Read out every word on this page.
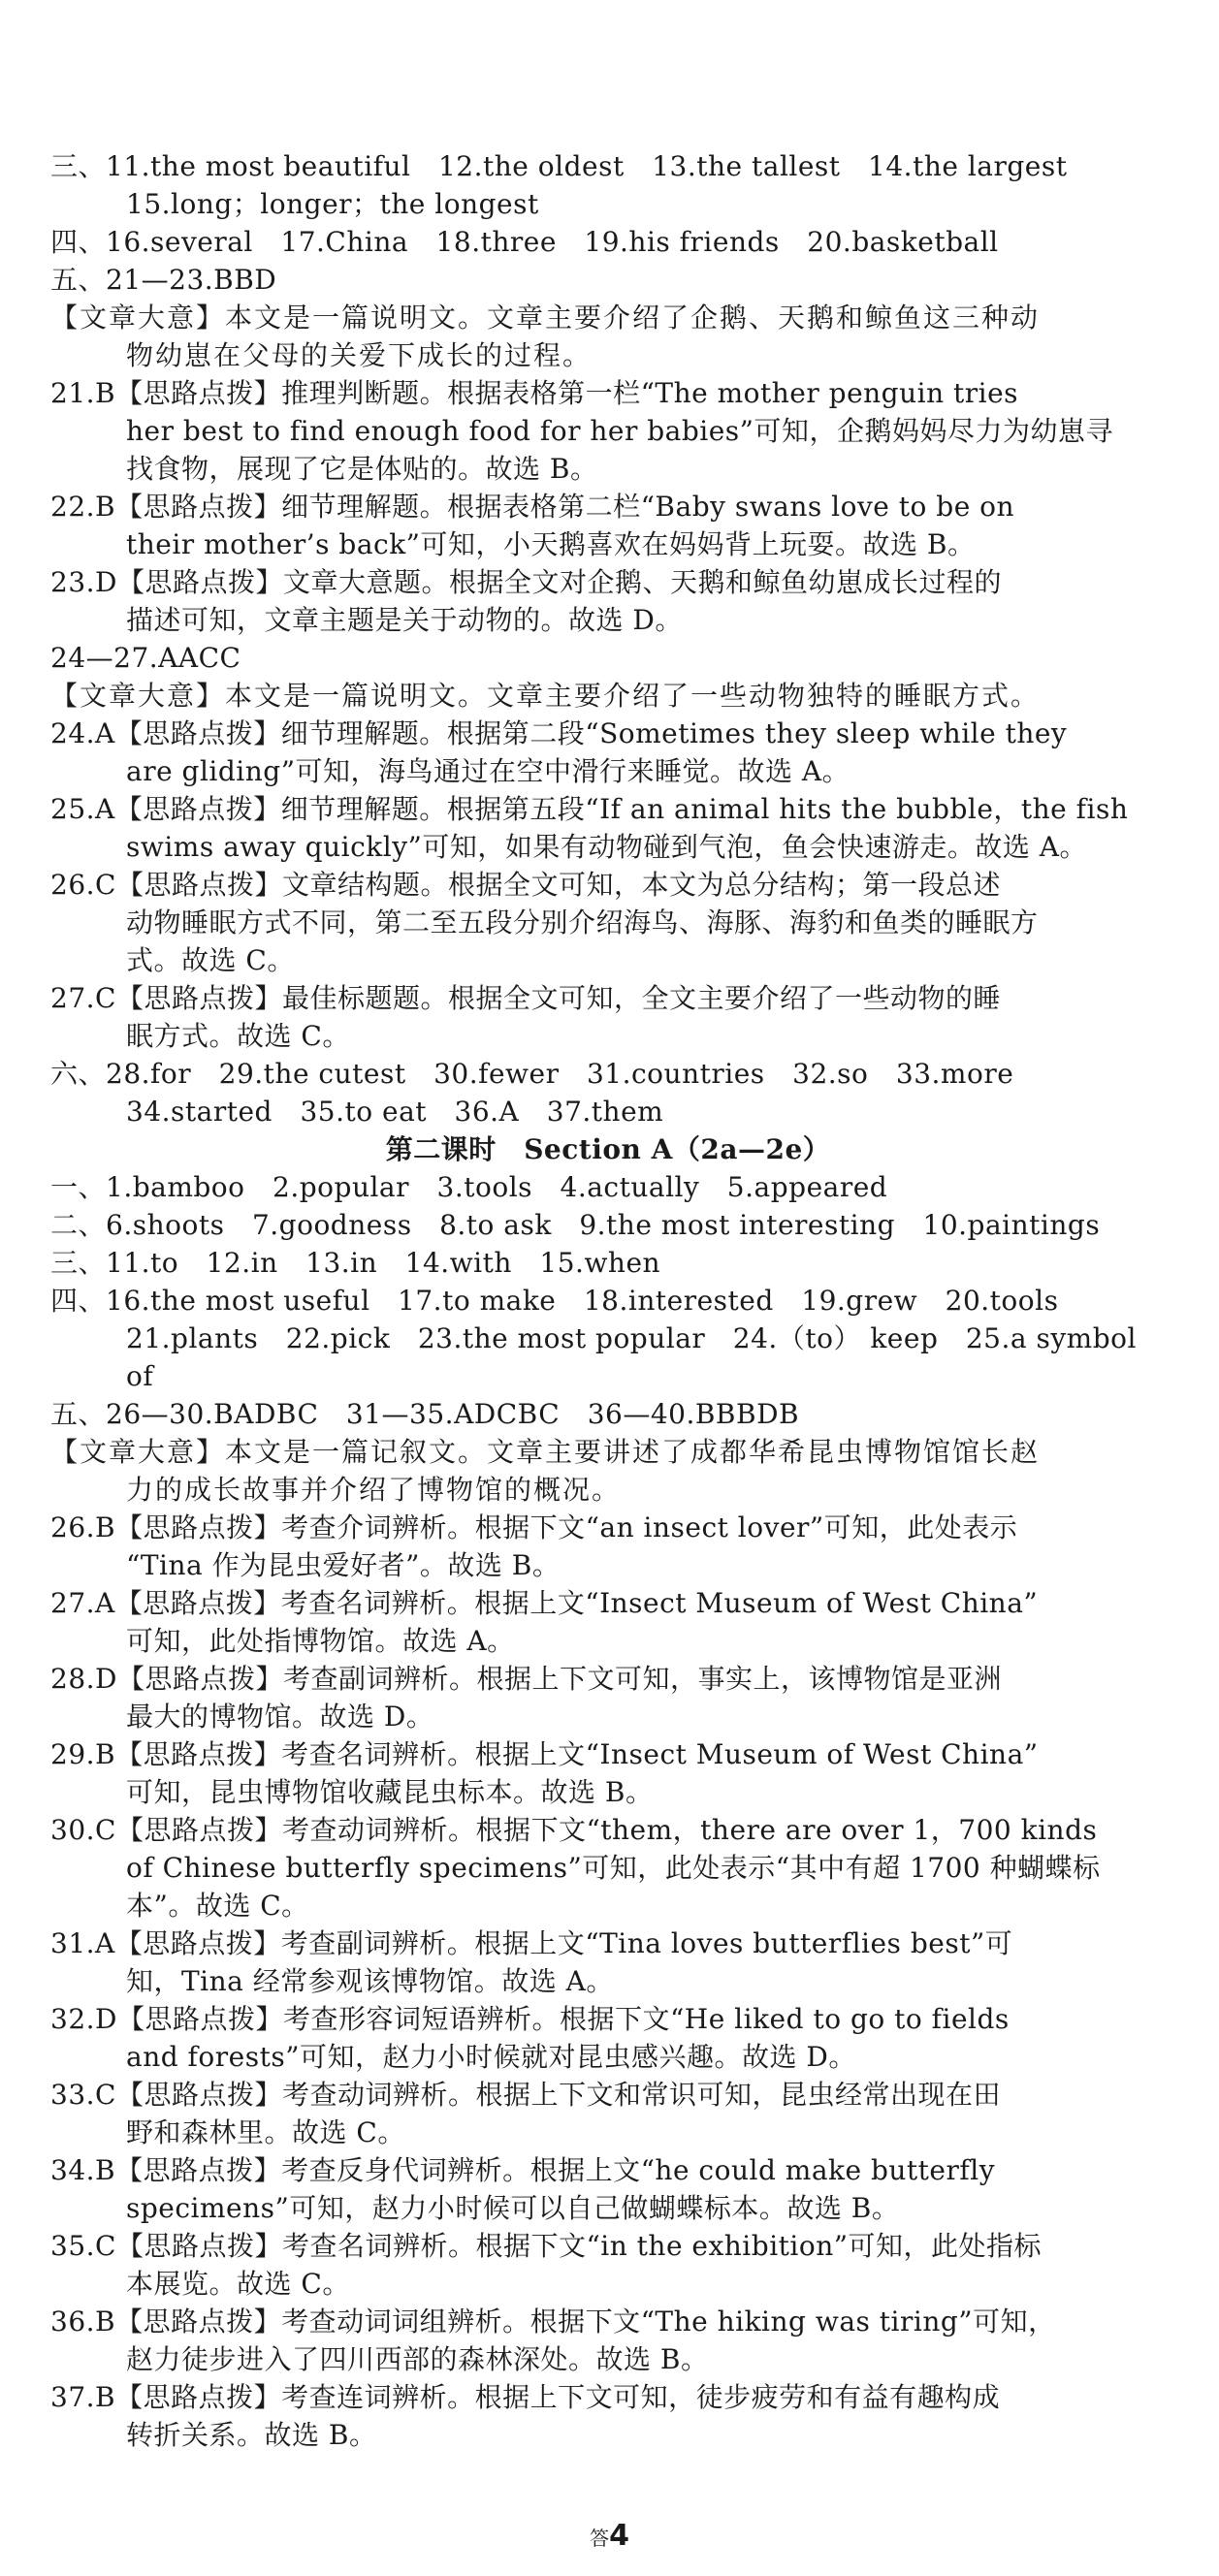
三、11.the most beautiful　12.the oldest　13.the tallest　14.the largest
15.long；longer；the longest
四、16.several　17.China　18.three　19.his friends　20.basketball
五、21—23.BBD
【文章大意】本文是一篇说明文。文章主要介绍了企鹅、天鹅和鲸鱼这三种动
物幼崽在父母的关爱下成长的过程。
21.B【思路点拨】推理判断题。根据表格第一栏“The mother penguin tries
her best to find enough food for her babies”可知，企鹅妈妈尽力为幼崽寻
找食物，展现了它是体贴的。故选 B。
22.B【思路点拨】细节理解题。根据表格第二栏“Baby swans love to be on
their mother’s back”可知，小天鹅喜欢在妈妈背上玩耍。故选 B。
23.D【思路点拨】文章大意题。根据全文对企鹅、天鹅和鲸鱼幼崽成长过程的
描述可知，文章主题是关于动物的。故选 D。
24—27.AACC
【文章大意】本文是一篇说明文。文章主要介绍了一些动物独特的睡眠方式。
24.A【思路点拨】细节理解题。根据第二段“Sometimes they sleep while they
are gliding”可知，海鸟通过在空中滑行来睡觉。故选 A。
25.A【思路点拨】细节理解题。根据第五段“If an animal hits the bubble，the fish
swims away quickly”可知，如果有动物碰到气泡，鱼会快速游走。故选 A。
26.C【思路点拨】文章结构题。根据全文可知，本文为总分结构；第一段总述
动物睡眠方式不同，第二至五段分别介绍海鸟、海豚、海豹和鱼类的睡眠方
式。故选 C。
27.C【思路点拨】最佳标题题。根据全文可知，全文主要介绍了一些动物的睡
眠方式。故选 C。
六、28.for　29.the cutest　30.fewer　31.countries　32.so　33.more
34.started　35.to eat　36.A　37.them
第二课时　Section A（2a—2e）
一、1.bamboo　2.popular　3.tools　4.actually　5.appeared
二、6.shoots　7.goodness　8.to ask　9.the most interesting　10.paintings
三、11.to　12.in　13.in　14.with　15.when
四、16.the most useful　17.to make　18.interested　19.grew　20.tools
21.plants　22.pick　23.the most popular　24.（to） keep　25.a symbol of
五、26—30.BADBC　31—35.ADCBC　36—40.BBBDB
【文章大意】本文是一篇记叙文。文章主要讲述了成都华希昆虫博物馆馆长赵
力的成长故事并介绍了博物馆的概况。
26.B【思路点拨】考查介词辨析。根据下文“an insect lover”可知，此处表示
“Tina 作为昆虫爱好者”。故选 B。
27.A【思路点拨】考查名词辨析。根据上文“Insect Museum of West China”
可知，此处指博物馆。故选 A。
28.D【思路点拨】考查副词辨析。根据上下文可知，事实上，该博物馆是亚洲
最大的博物馆。故选 D。
29.B【思路点拨】考查名词辨析。根据上文“Insect Museum of West China”
可知，昆虫博物馆收藏昆虫标本。故选 B。
30.C【思路点拨】考查动词辨析。根据下文“them，there are over 1，700 kinds
of Chinese butterfly specimens”可知，此处表示“其中有超 1700 种蝴蝶标
本”。故选 C。
31.A【思路点拨】考查副词辨析。根据上文“Tina loves butterflies best”可
知，Tina 经常参观该博物馆。故选 A。
32.D【思路点拨】考查形容词短语辨析。根据下文“He liked to go to fields
and forests”可知，赵力小时候就对昆虫感兴趣。故选 D。
33.C【思路点拨】考查动词辨析。根据上下文和常识可知，昆虫经常出现在田
野和森林里。故选 C。
34.B【思路点拨】考查反身代词辨析。根据上文“he could make butterfly
specimens”可知，赵力小时候可以自己做蝴蝶标本。故选 B。
35.C【思路点拨】考查名词辨析。根据下文“in the exhibition”可知，此处指标
本展览。故选 C。
36.B【思路点拨】考查动词词组辨析。根据下文“The hiking was tiring”可知，
赵力徒步进入了四川西部的森林深处。故选 B。
37.B【思路点拨】考查连词辨析。根据上下文可知，徒步疲劳和有益有趣构成
转折关系。故选 B。
答4
